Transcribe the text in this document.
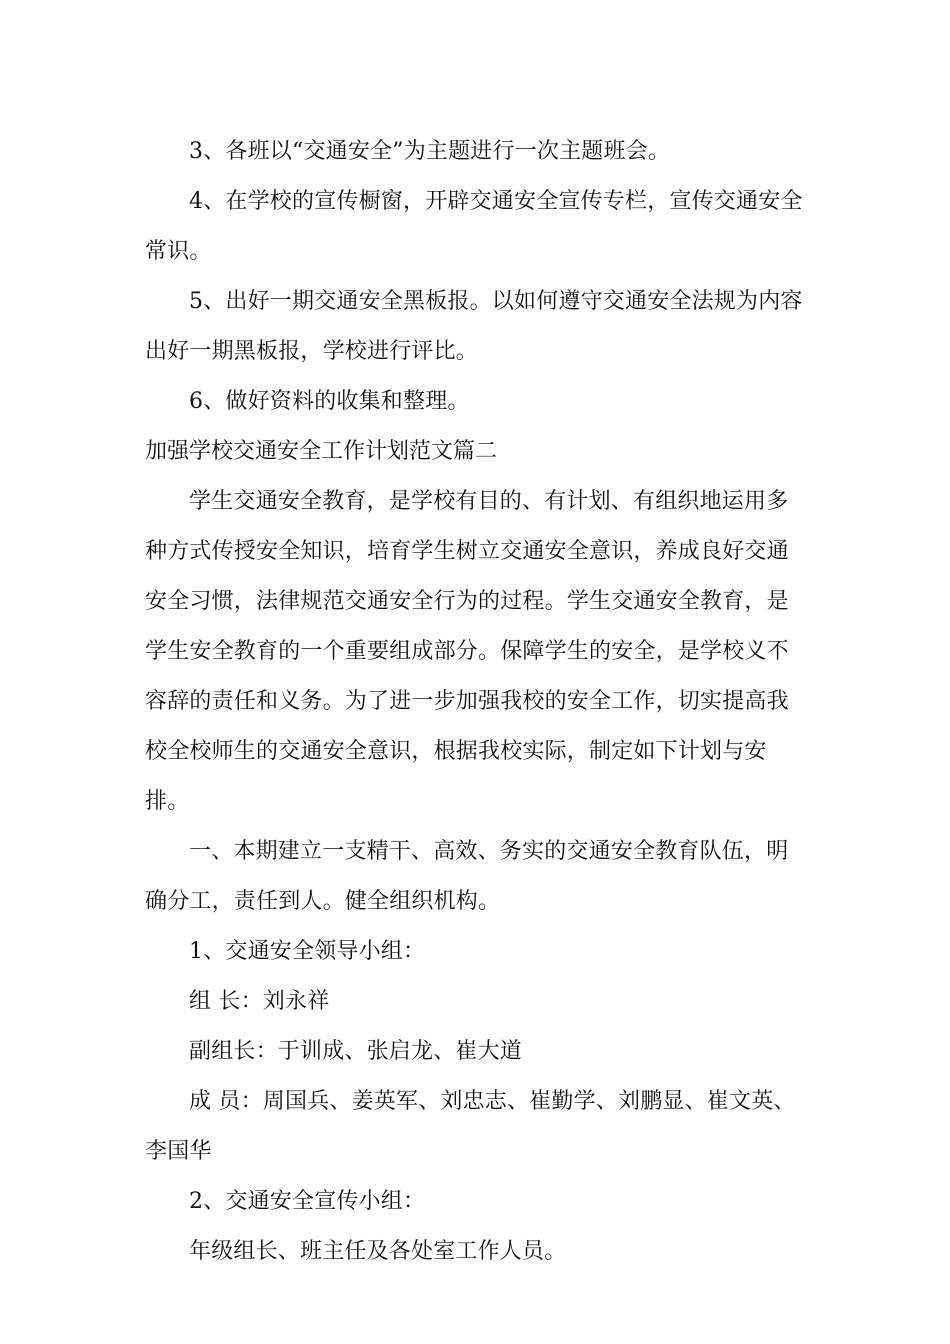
3、各班以“交通安全”为主题进行一次主题班会。

4、在学校的宣传橱窗，开辟交通安全宣传专栏，宣传交通安全常识。

5、出好一期交通安全黑板报。以如何遵守交通安全法规为内容出好一期黑板报，学校进行评比。

6、做好资料的收集和整理。

加强学校交通安全工作计划范文篇二

学生交通安全教育，是学校有目的、有计划、有组织地运用多种方式传授安全知识，培育学生树立交通安全意识，养成良好交通安全习惯，法律规范交通安全行为的过程。学生交通安全教育，是学生安全教育的一个重要组成部分。保障学生的安全，是学校义不容辞的责任和义务。为了进一步加强我校的安全工作，切实提高我校全校师生的交通安全意识，根据我校实际，制定如下计划与安排。

一、本期建立一支精干、高效、务实的交通安全教育队伍，明确分工，责任到人。健全组织机构。

1、交通安全领导小组：

组 长：刘永祥

副组长：于训成、张启龙、崔大道

成 员：周国兵、姜英军、刘忠志、崔勤学、刘鹏显、崔文英、李国华

2、交通安全宣传小组：

年级组长、班主任及各处室工作人员。
